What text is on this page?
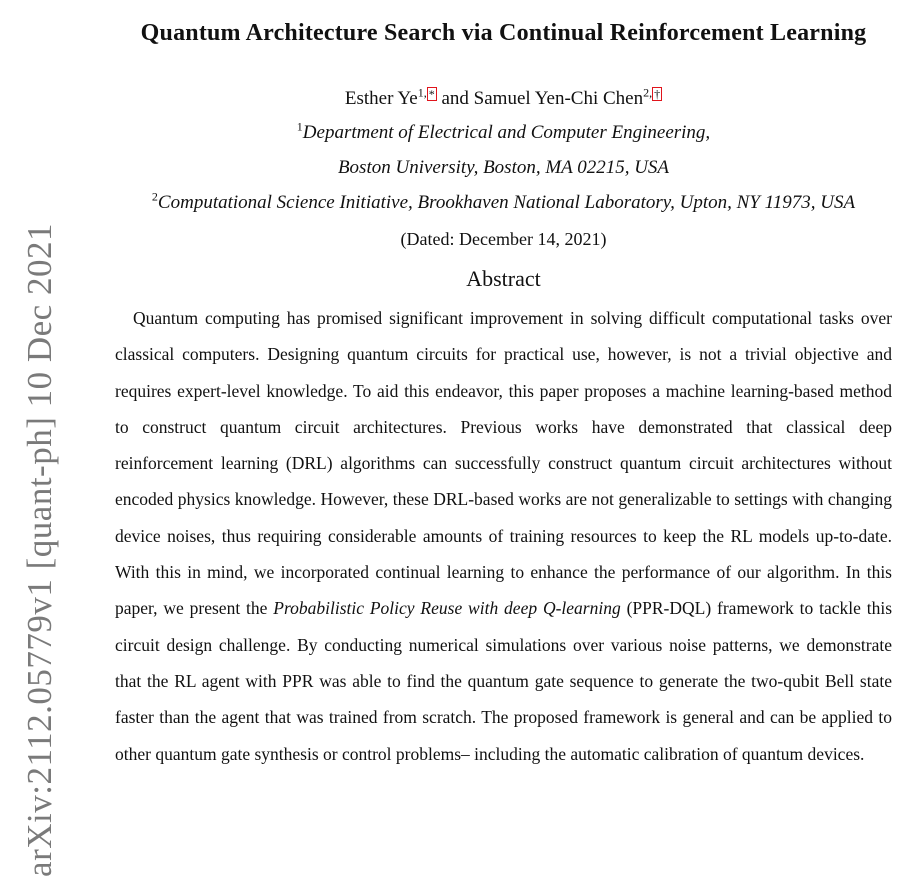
arXiv:2112.05779v1 [quant-ph] 10 Dec 2021
Quantum Architecture Search via Continual Reinforcement Learning
Esther $Ye^{1,}$ * and Samuel Yen-Chi Chen$^{2,}$ †
$^1$Department of Electrical and Computer Engineering,
Boston University, Boston, MA 02215, USA
$^2$Computational Science Initiative, Brookhaven National Laboratory, Upton, NY 11973, USA
(Dated: December 14, 2021)
Abstract

Quantum computing has promised significant improvement in solving difficult computational tasks over classical computers. Designing quantum circuits for practical use, however, is not a trivial objective and requires expert-level knowledge. To aid this endeavor, this paper proposes a machine learning-based method to construct quantum circuit architectures. Previous works have demonstrated that classical deep reinforcement learning (DRL) algorithms can successfully construct quantum circuit architectures without encoded physics knowledge. However, these DRL-based works are not generalizable to settings with changing device noises, thus requiring considerable amounts of training resources to keep the RL models up-to-date. With this in mind, we incorporated continual learning to enhance the performance of our algorithm. In this paper, we present the Probabilistic Policy Reuse with deep Q-learning (PPR-DQL) framework to tackle this circuit design challenge. By conducting numerical simulations over various noise patterns, we demonstrate that the RL agent with PPR was able to find the quantum gate sequence to generate the two-qubit Bell state faster than the agent that was trained from scratch. The proposed framework is general and can be applied to other quantum gate synthesis or control problems– including the automatic calibration of quantum devices.
